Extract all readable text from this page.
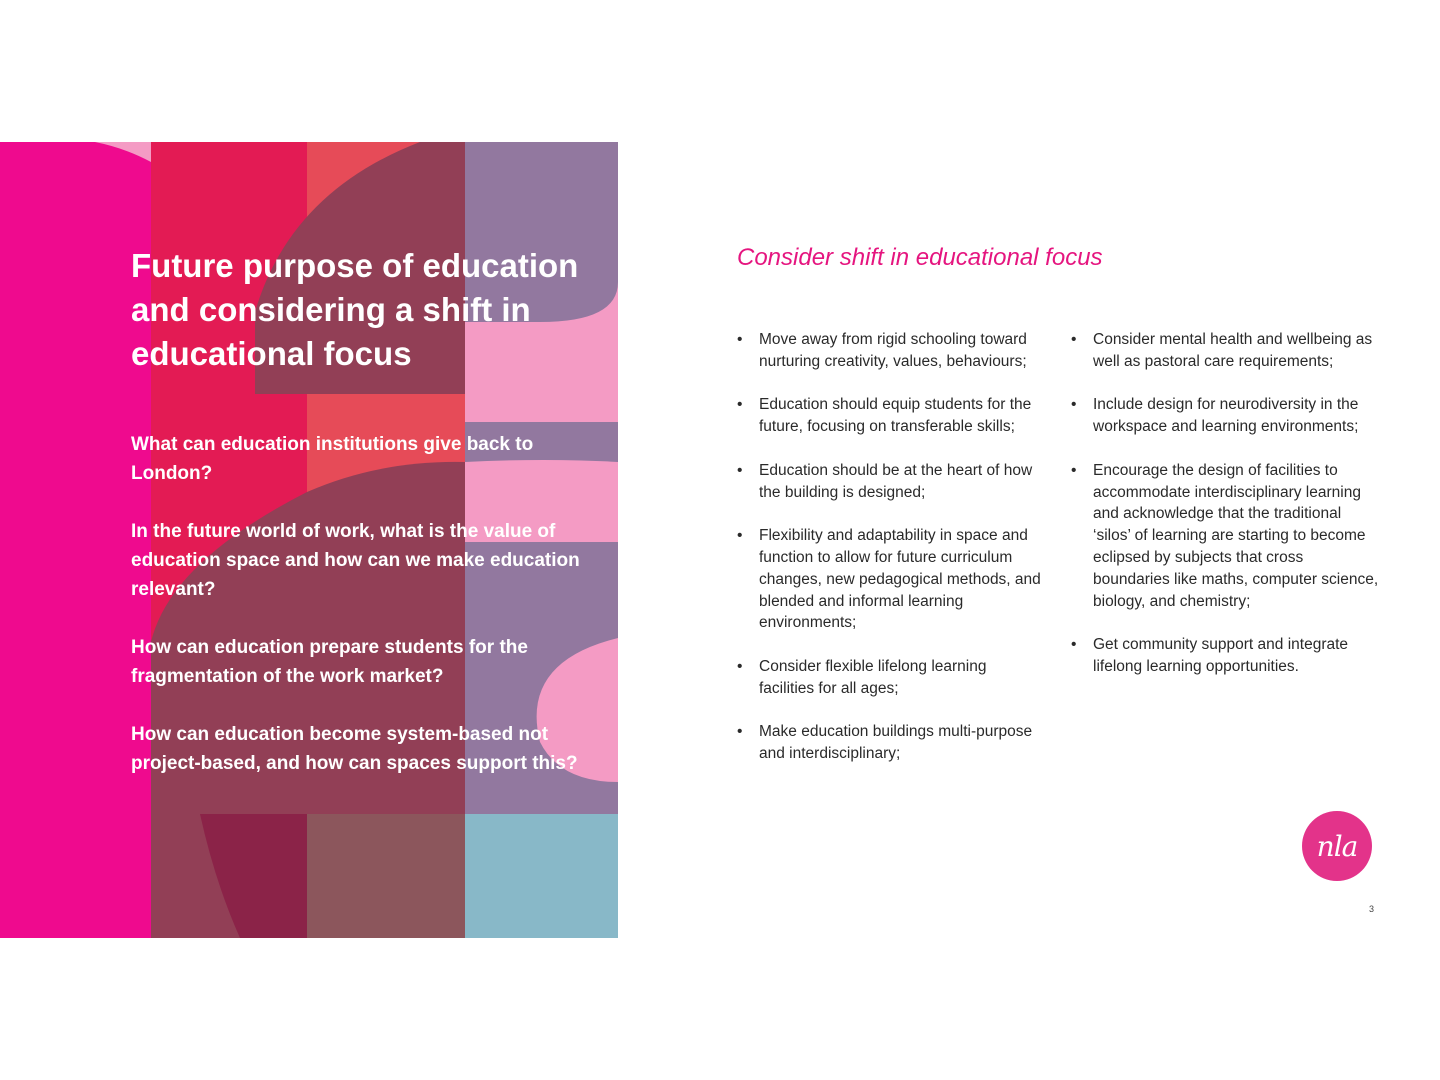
Future purpose of education and considering a shift in educational focus

What can education institutions give back to London?

In the future world of work, what is the value of education space and how can we make education relevant?

How can education prepare students for the fragmentation of the work market?

How can education become system-based not project-based, and how can spaces support this?

Consider shift in educational focus
• Move away from rigid schooling toward nurturing creativity, values, behaviours;
• Education should equip students for the future, focusing on transferable skills;
• Education should be at the heart of how the building is designed;
• Flexibility and adaptability in space and function to allow for future curriculum changes, new pedagogical methods, and blended and informal learning environments;
• Consider flexible lifelong learning facilities for all ages;
• Make education buildings multi-purpose and interdisciplinary;
• Consider mental health and wellbeing as well as pastoral care requirements;
• Include design for neurodiversity in the workspace and learning environments;
• Encourage the design of facilities to accommodate interdisciplinary learning and acknowledge that the traditional ‘silos’ of learning are starting to become eclipsed by subjects that cross boundaries like maths, computer science, biology, and chemistry;
• Get community support and integrate lifelong learning opportunities.
nla
3
